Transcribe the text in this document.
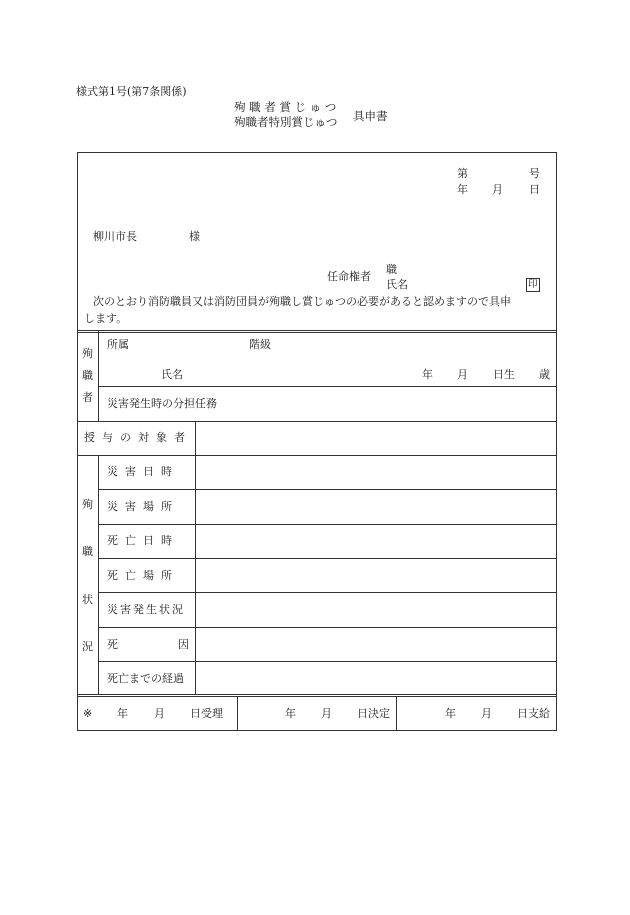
様式第1号(第7条関係)
殉 職 者 賞 じ ゅ つ
殉職者特別賞じゅつ 具申書
第	号
年 月 日
柳川市長	様
任命権者
職
氏名	印
次のとおり消防職員又は消防団員が殉職し賞じゅつの必要があると認めますので具申
します。
殉
職
者
所属	階級
氏名	年 月 日生 歳
災害発生時の分担任務
授与の対象者
殉
職
状
況
災害日時
災害場所
死亡日時
死亡場所
災害発生状況
死	因
死亡までの経過
※ 年 月 日受理	年 月 日決定	年 月 日支給
